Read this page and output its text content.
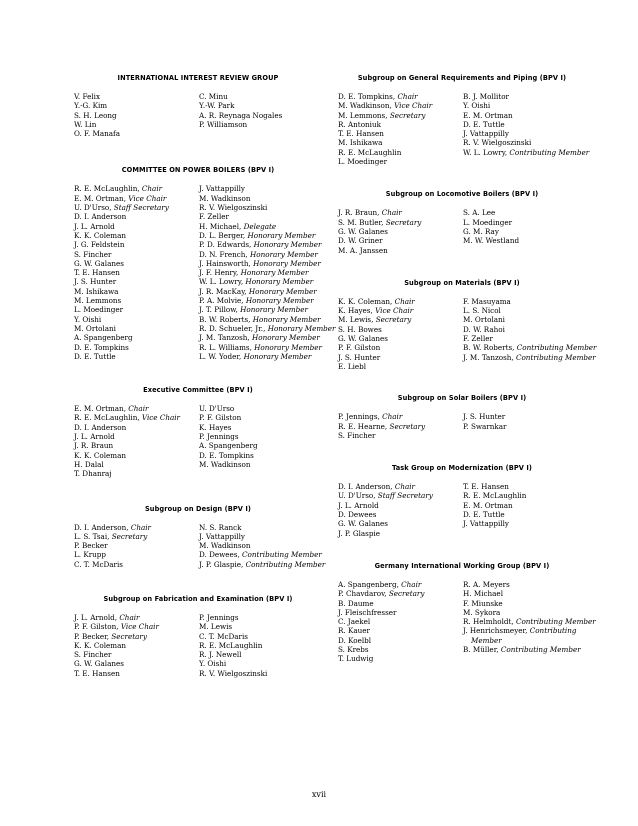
INTERNATIONAL INTEREST REVIEW GROUP
V. Felix
Y.-G. Kim
S. H. Leong
W. Lin
O. F. Manafa
C. Minu
Y.-W. Park
A. R. Reynaga Nogales
P. Williamson
COMMITTEE ON POWER BOILERS (BPV I)
R. E. McLaughlin, Chair
E. M. Ortman, Vice Chair
U. D'Urso, Staff Secretary
D. I. Anderson
J. L. Arnold
K. K. Coleman
J. G. Feldstein
S. Fincher
G. W. Galanes
T. E. Hansen
J. S. Hunter
M. Ishikawa
M. Lemmons
L. Moedinger
Y. Oishi
M. Ortolani
A. Spangenberg
D. E. Tompkins
D. E. Tuttle
J. Vattappilly
M. Wadkinson
R. V. Wielgoszinski
F. Zeller
H. Michael, Delegate
D. L. Berger, Honorary Member
P. D. Edwards, Honorary Member
D. N. French, Honorary Member
J. Hainsworth, Honorary Member
J. F. Henry, Honorary Member
W. L. Lowry, Honorary Member
J. R. MacKay, Honorary Member
P. A. Molvie, Honorary Member
J. T. Pillow, Honorary Member
B. W. Roberts, Honorary Member
R. D. Schueler, Jr., Honorary Member
J. M. Tanzosh, Honorary Member
R. L. Williams, Honorary Member
L. W. Yoder, Honorary Member
Executive Committee (BPV I)
E. M. Ortman, Chair
R. E. McLaughlin, Vice Chair
D. I. Anderson
J. L. Arnold
J. R. Braun
K. K. Coleman
H. Dalal
T. Dhanraj
U. D'Urso
P. F. Gilston
K. Hayes
P. Jennings
A. Spangenberg
D. E. Tompkins
M. Wadkinson
Subgroup on Design (BPV I)
D. I. Anderson, Chair
L. S. Tsai, Secretary
P. Becker
L. Krupp
C. T. McDaris
N. S. Ranck
J. Vattappilly
M. Wadkinson
D. Dewees, Contributing Member
J. P. Glaspie, Contributing Member
Subgroup on Fabrication and Examination (BPV I)
J. L. Arnold, Chair
P. F. Gilston, Vice Chair
P. Becker, Secretary
K. K. Coleman
S. Fincher
G. W. Galanes
T. E. Hansen
P. Jennings
M. Lewis
C. T. McDaris
R. E. McLaughlin
R. J. Newell
Y. Oishi
R. V. Wielgoszinski
Subgroup on General Requirements and Piping (BPV I)
D. E. Tompkins, Chair
M. Wadkinson, Vice Chair
M. Lemmons, Secretary
R. Antoniuk
T. E. Hansen
M. Ishikawa
R. E. McLaughlin
L. Moedinger
B. J. Mollitor
Y. Oishi
E. M. Ortman
D. E. Tuttle
J. Vattappilly
R. V. Wielgoszinski
W. L. Lowry, Contributing Member
Subgroup on Locomotive Boilers (BPV I)
J. R. Braun, Chair
S. M. Butler, Secretary
G. W. Galanes
D. W. Griner
M. A. Janssen
S. A. Lee
L. Moedinger
G. M. Ray
M. W. Westland
Subgroup on Materials (BPV I)
K. K. Coleman, Chair
K. Hayes, Vice Chair
M. Lewis, Secretary
S. H. Bowes
G. W. Galanes
P. F. Gilston
J. S. Hunter
E. Liebl
F. Masuyama
L. S. Nicol
M. Ortolani
D. W. Rahoi
F. Zeller
B. W. Roberts, Contributing Member
J. M. Tanzosh, Contributing Member
Subgroup on Solar Boilers (BPV I)
P. Jennings, Chair
R. E. Hearne, Secretary
S. Fincher
J. S. Hunter
P. Swarnkar
Task Group on Modernization (BPV I)
D. I. Anderson, Chair
U. D'Urso, Staff Secretary
J. L. Arnold
D. Dewees
G. W. Galanes
J. P. Glaspie
T. E. Hansen
R. E. McLaughlin
E. M. Ortman
D. E. Tuttle
J. Vattappilly
Germany International Working Group (BPV I)
A. Spangenberg, Chair
P. Chavdarov, Secretary
B. Daume
J. Fleischfresser
C. Jaekel
R. Kauer
D. Koelbl
S. Krebs
T. Ludwig
R. A. Meyers
H. Michael
F. Miunske
M. Sykora
R. Helmholdt, Contributing Member
J. Henrichsmeyer, Contributing
Member
B. Müller, Contributing Member
xvii
